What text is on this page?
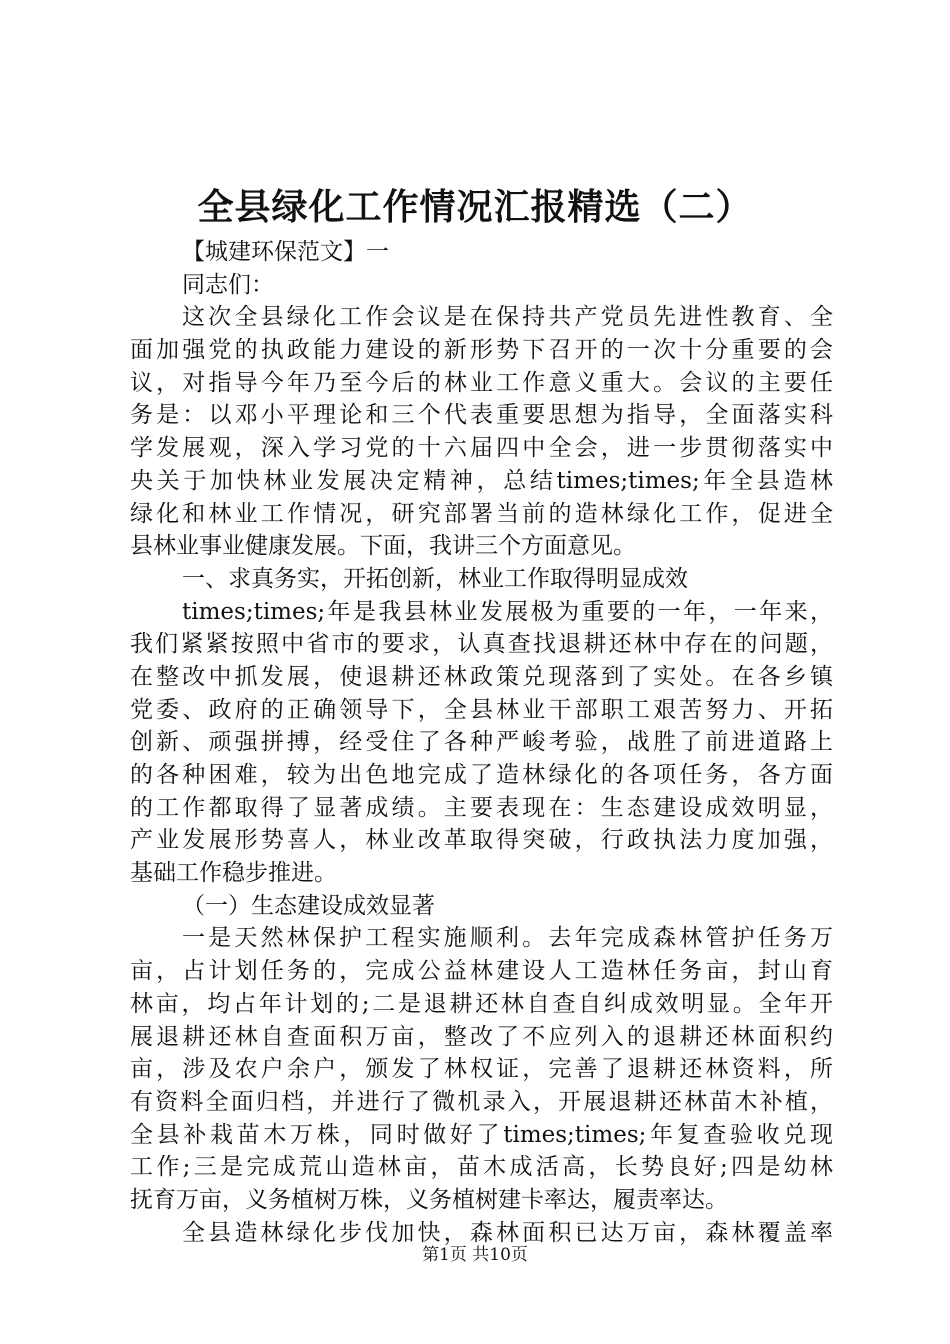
全县绿化工作情况汇报精选（二）
【城建环保范文】一
同志们：
这次全县绿化工作会议是在保持共产党员先进性教育、全
面加强党的执政能力建设的新形势下召开的一次十分重要的会
议，对指导今年乃至今后的林业工作意义重大。会议的主要任
务是：以邓小平理论和三个代表重要思想为指导，全面落实科
学发展观，深入学习党的十六届四中全会，进一步贯彻落实中
央关于加快林业发展决定精神，总结times;times;年全县造林
绿化和林业工作情况，研究部署当前的造林绿化工作，促进全
县林业事业健康发展。下面，我讲三个方面意见。
一、求真务实，开拓创新，林业工作取得明显成效
times;times;年是我县林业发展极为重要的一年，一年来，
我们紧紧按照中省市的要求，认真查找退耕还林中存在的问题，
在整改中抓发展，使退耕还林政策兑现落到了实处。在各乡镇
党委、政府的正确领导下，全县林业干部职工艰苦努力、开拓
创新、顽强拼搏，经受住了各种严峻考验，战胜了前进道路上
的各种困难，较为出色地完成了造林绿化的各项任务，各方面
的工作都取得了显著成绩。主要表现在：生态建设成效明显，
产业发展形势喜人，林业改革取得突破，行政执法力度加强，
基础工作稳步推进。
（一）生态建设成效显著
一是天然林保护工程实施顺利。去年完成森林管护任务万
亩，占计划任务的，完成公益林建设人工造林任务亩，封山育
林亩，均占年计划的;二是退耕还林自查自纠成效明显。全年开
展退耕还林自查面积万亩，整改了不应列入的退耕还林面积约
亩，涉及农户余户，颁发了林权证，完善了退耕还林资料，所
有资料全面归档，并进行了微机录入，开展退耕还林苗木补植，
全县补栽苗木万株，同时做好了times;times;年复查验收兑现
工作;三是完成荒山造林亩，苗木成活高，长势良好;四是幼林
抚育万亩，义务植树万株，义务植树建卡率达，履责率达。
全县造林绿化步伐加快，森林面积已达万亩，森林覆盖率
第1页 共10页
